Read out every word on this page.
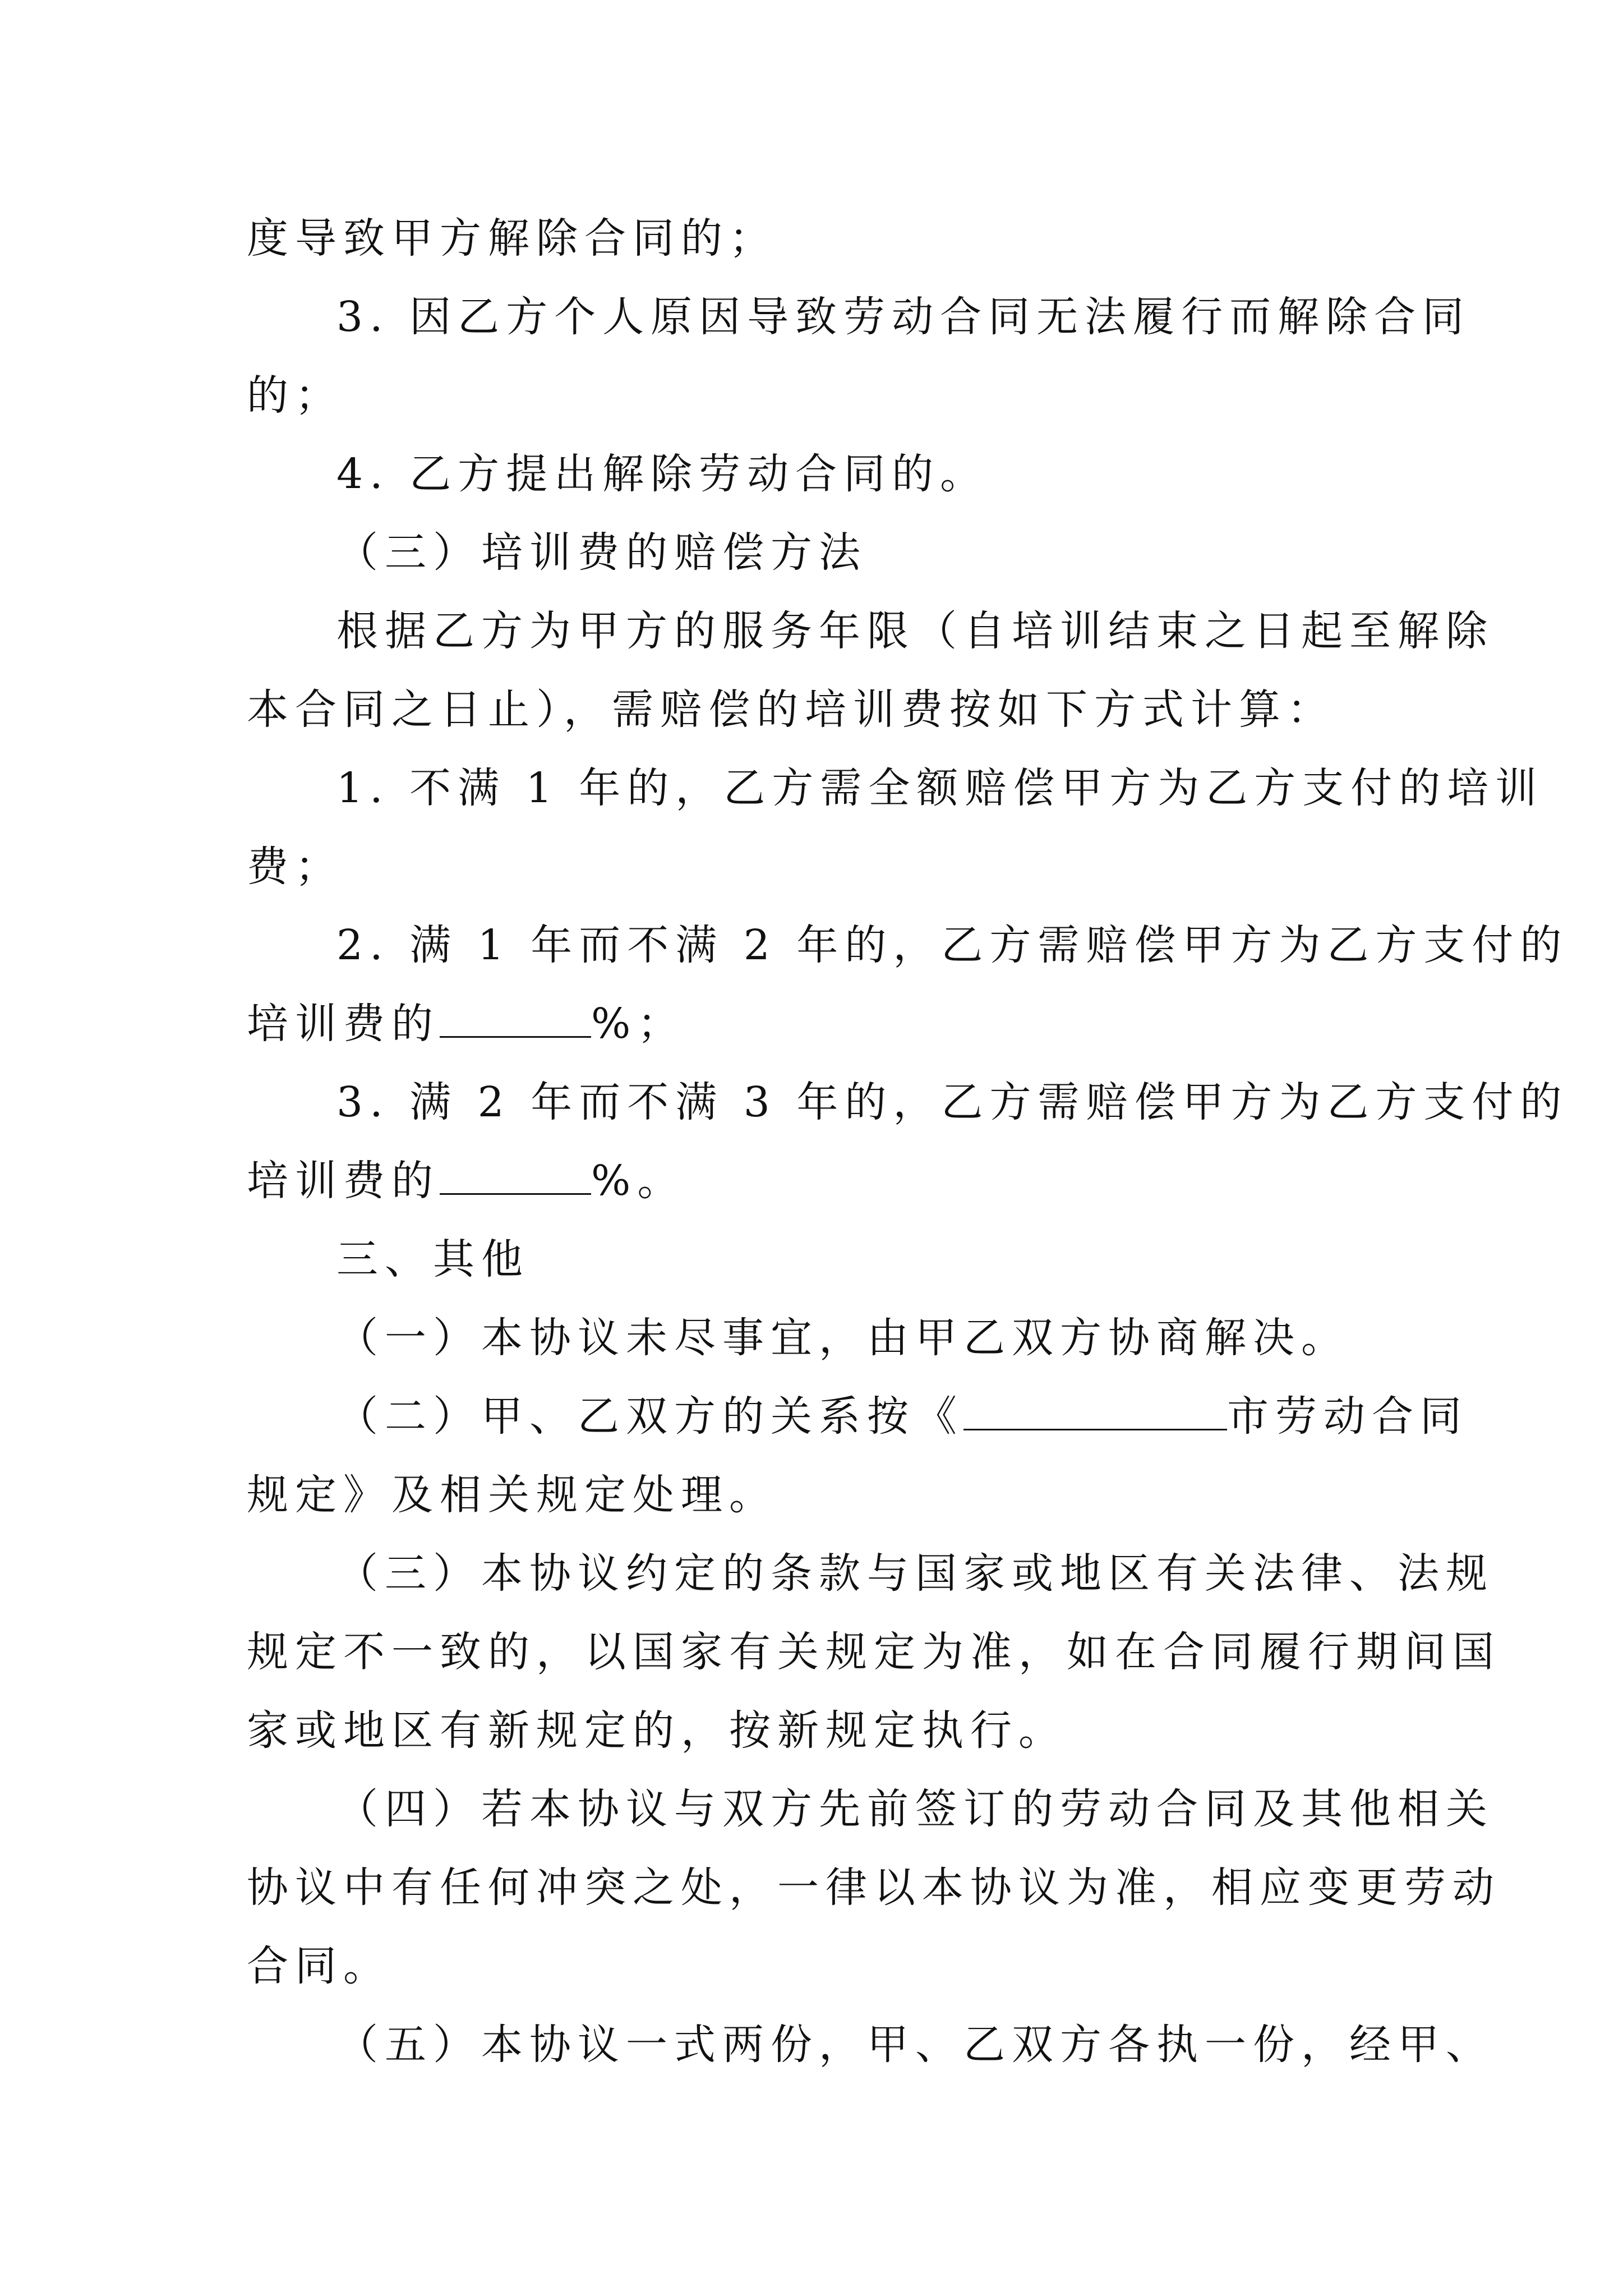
度导致甲方解除合同的；
3. 因乙方个人原因导致劳动合同无法履行而解除合同
的；
4. 乙方提出解除劳动合同的。
（三）培训费的赔偿方法
根据乙方为甲方的服务年限（自培训结束之日起至解除
本合同之日止），需赔偿的培训费按如下方式计算：
1. 不满 1 年的，乙方需全额赔偿甲方为乙方支付的培训
费；
2. 满 1 年而不满 2 年的，乙方需赔偿甲方为乙方支付的
培训费的	%；
3. 满 2 年而不满 3 年的，乙方需赔偿甲方为乙方支付的
培训费的	%。
三、其他
（一）本协议未尽事宜，由甲乙双方协商解决。
（二）甲、乙双方的关系按《	市劳动合同
规定》及相关规定处理。
（三）本协议约定的条款与国家或地区有关法律、法规
规定不一致的，以国家有关规定为准，如在合同履行期间国
家或地区有新规定的，按新规定执行。
（四）若本协议与双方先前签订的劳动合同及其他相关
协议中有任何冲突之处，一律以本协议为准，相应变更劳动
合同。
（五）本协议一式两份，甲、乙双方各执一份，经甲、
